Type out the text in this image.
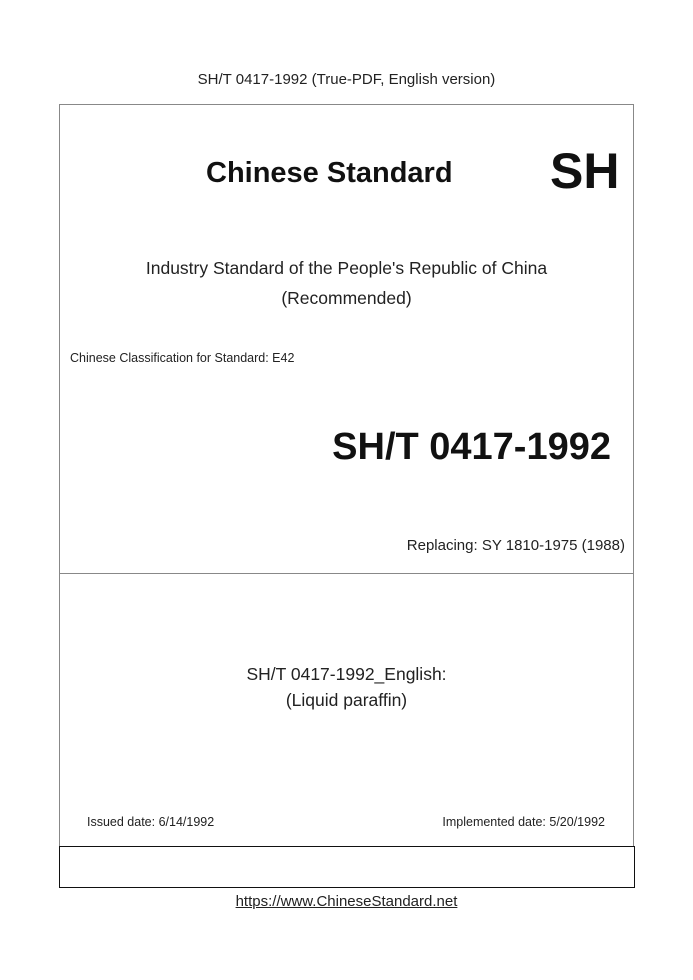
SH/T 0417-1992 (True-PDF, English version)
Chinese Standard SH
Industry Standard of the People's Republic of China
(Recommended)
Chinese Classification for Standard: E42
SH/T 0417-1992
Replacing: SY 1810-1975 (1988)
SH/T 0417-1992_English:
(Liquid paraffin)
Issued date: 6/14/1992	Implemented date: 5/20/1992
https://www.ChineseStandard.net
